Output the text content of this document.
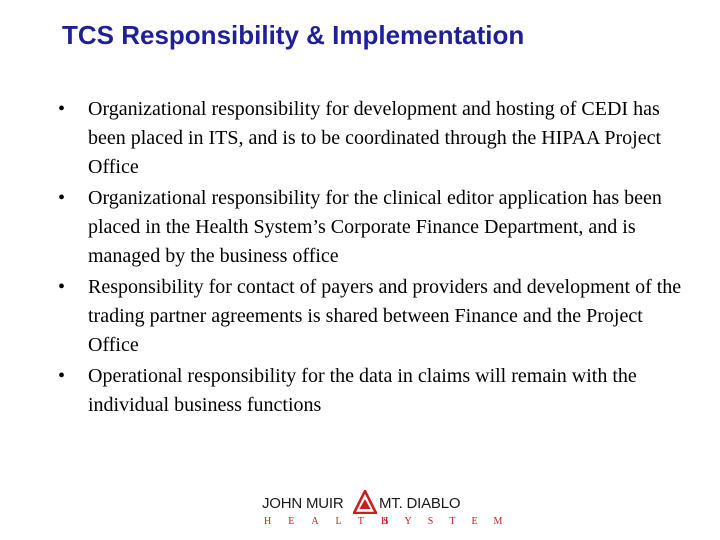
TCS Responsibility & Implementation
• Organizational responsibility for development and hosting of CEDI has been placed in ITS, and is to be coordinated through the HIPAA Project Office
• Organizational responsibility for the clinical editor application has been placed in the Health System’s Corporate Finance Department, and is managed by the business office
• Responsibility for contact of payers and providers and development of the trading partner agreements is shared between Finance and the Project Office
• Operational responsibility for the data in claims will remain with the individual business functions
JOHN MUIR MT. DIABLO
HEALTH
SYSTEM
